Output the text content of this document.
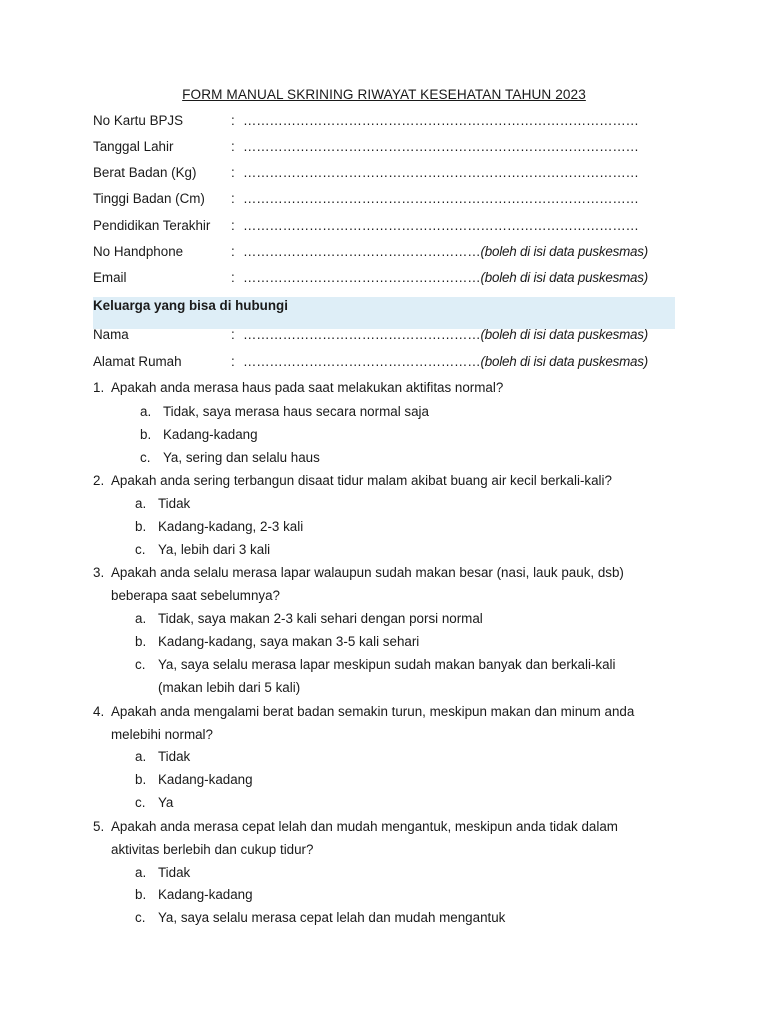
FORM MANUAL SKRINING RIWAYAT KESEHATAN TAHUN 2023
No Kartu BPJS	: ………………………………………………………………………………
Tanggal Lahir	: ………………………………………………………………………………
Berat Badan (Kg)	: ………………………………………………………………………………
Tinggi Badan (Cm) : ………………………………………………………………………………
Pendidikan Terakhir : ………………………………………………………………………………
No Handphone	: ………………………………………………(boleh di isi data puskesmas)
Email	: ………………………………………………(boleh di isi data puskesmas)
Keluarga yang bisa di hubungi
Nama	: ………………………………………………(boleh di isi data puskesmas)
Alamat Rumah	: ………………………………………………(boleh di isi data puskesmas)
1. Apakah anda merasa haus pada saat melakukan aktifitas normal?
a. Tidak, saya merasa haus secara normal saja
b. Kadang-kadang
c. Ya, sering dan selalu haus
2. Apakah anda sering terbangun disaat tidur malam akibat buang air kecil berkali-kali?
a. Tidak
b. Kadang-kadang, 2-3 kali
c. Ya, lebih dari 3 kali
3. Apakah anda selalu merasa lapar walaupun sudah makan besar (nasi, lauk pauk, dsb)
beberapa saat sebelumnya?
a. Tidak, saya makan 2-3 kali sehari dengan porsi normal
b. Kadang-kadang, saya makan 3-5 kali sehari
c. Ya, saya selalu merasa lapar meskipun sudah makan banyak dan berkali-kali
(makan lebih dari 5 kali)
4. Apakah anda mengalami berat badan semakin turun, meskipun makan dan minum anda
melebihi normal?
a. Tidak
b. Kadang-kadang
c. Ya
5. Apakah anda merasa cepat lelah dan mudah mengantuk, meskipun anda tidak dalam
aktivitas berlebih dan cukup tidur?
a. Tidak
b. Kadang-kadang
c. Ya, saya selalu merasa cepat lelah dan mudah mengantuk
